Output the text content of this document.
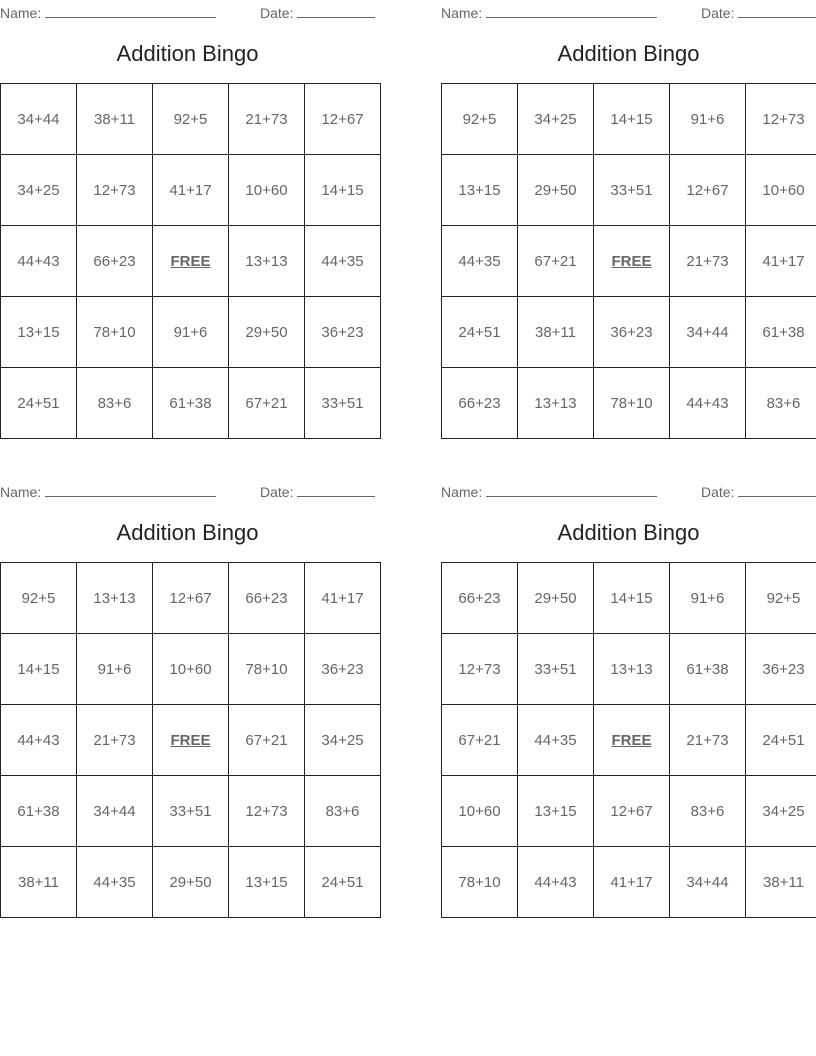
Name:	Date:
Addition Bingo
34+44	38+11	92+5	21+73	12+67
34+25	12+73	41+17	10+60	14+15
44+43	66+23	FREE	13+13	44+35
13+15	78+10	91+6	29+50	36+23
24+51	83+6	61+38	67+21	33+51
Name:	Date:
Addition Bingo
92+5	34+25	14+15	91+6	12+73
13+15	29+50	33+51	12+67	10+60
44+35	67+21	FREE	21+73	41+17
24+51	38+11	36+23	34+44	61+38
66+23	13+13	78+10	44+43	83+6
Name:	Date:
Addition Bingo
92+5	13+13	12+67	66+23	41+17
14+15	91+6	10+60	78+10	36+23
44+43	21+73	FREE	67+21	34+25
61+38	34+44	33+51	12+73	83+6
38+11	44+35	29+50	13+15	24+51
Name:	Date:
Addition Bingo
66+23	29+50	14+15	91+6	92+5
12+73	33+51	13+13	61+38	36+23
67+21	44+35	FREE	21+73	24+51
10+60	13+15	12+67	83+6	34+25
78+10	44+43	41+17	34+44	38+11
